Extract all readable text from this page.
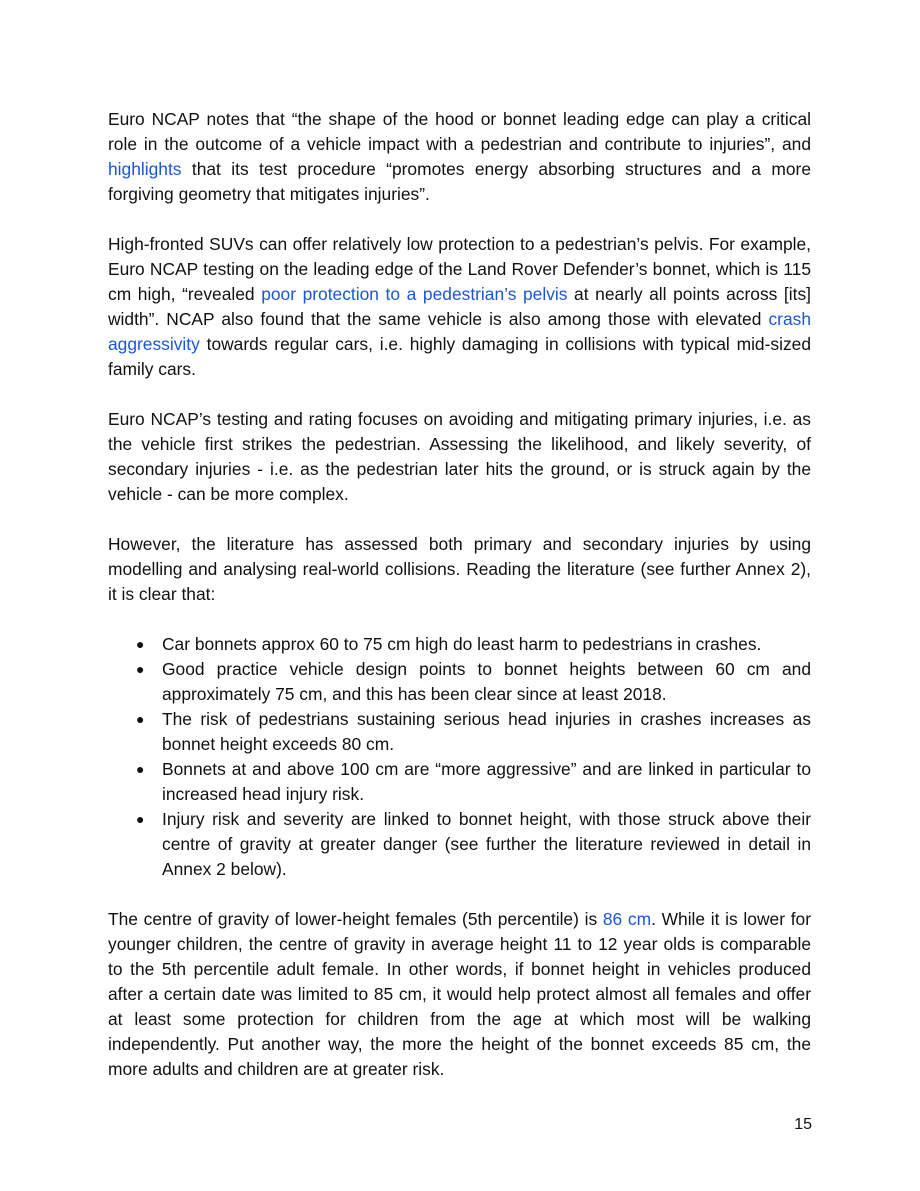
Euro NCAP notes that “the shape of the hood or bonnet leading edge can play a critical role in the outcome of a vehicle impact with a pedestrian and contribute to injuries”, and highlights that its test procedure “promotes energy absorbing structures and a more forgiving geometry that mitigates injuries”.

High-fronted SUVs can offer relatively low protection to a pedestrian’s pelvis. For example, Euro NCAP testing on the leading edge of the Land Rover Defender’s bonnet, which is 115 cm high, “revealed poor protection to a pedestrian’s pelvis at nearly all points across [its] width”. NCAP also found that the same vehicle is also among those with elevated crash aggressivity towards regular cars, i.e. highly damaging in collisions with typical mid-sized family cars.

Euro NCAP’s testing and rating focuses on avoiding and mitigating primary injuries, i.e. as the vehicle first strikes the pedestrian. Assessing the likelihood, and likely severity, of secondary injuries - i.e. as the pedestrian later hits the ground, or is struck again by the vehicle - can be more complex.

However, the literature has assessed both primary and secondary injuries by using modelling and analysing real-world collisions. Reading the literature (see further Annex 2), it is clear that:

● Car bonnets approx 60 to 75 cm high do least harm to pedestrians in crashes.
● Good practice vehicle design points to bonnet heights between 60 cm and approximately 75 cm, and this has been clear since at least 2018.
● The risk of pedestrians sustaining serious head injuries in crashes increases as bonnet height exceeds 80 cm.
● Bonnets at and above 100 cm are “more aggressive” and are linked in particular to increased head injury risk.
● Injury risk and severity are linked to bonnet height, with those struck above their centre of gravity at greater danger (see further the literature reviewed in detail in Annex 2 below).

The centre of gravity of lower-height females (5th percentile) is 86 cm. While it is lower for younger children, the centre of gravity in average height 11 to 12 year olds is comparable to the 5th percentile adult female. In other words, if bonnet height in vehicles produced after a certain date was limited to 85 cm, it would help protect almost all females and offer at least some protection for children from the age at which most will be walking independently. Put another way, the more the height of the bonnet exceeds 85 cm, the more adults and children are at greater risk.

15
